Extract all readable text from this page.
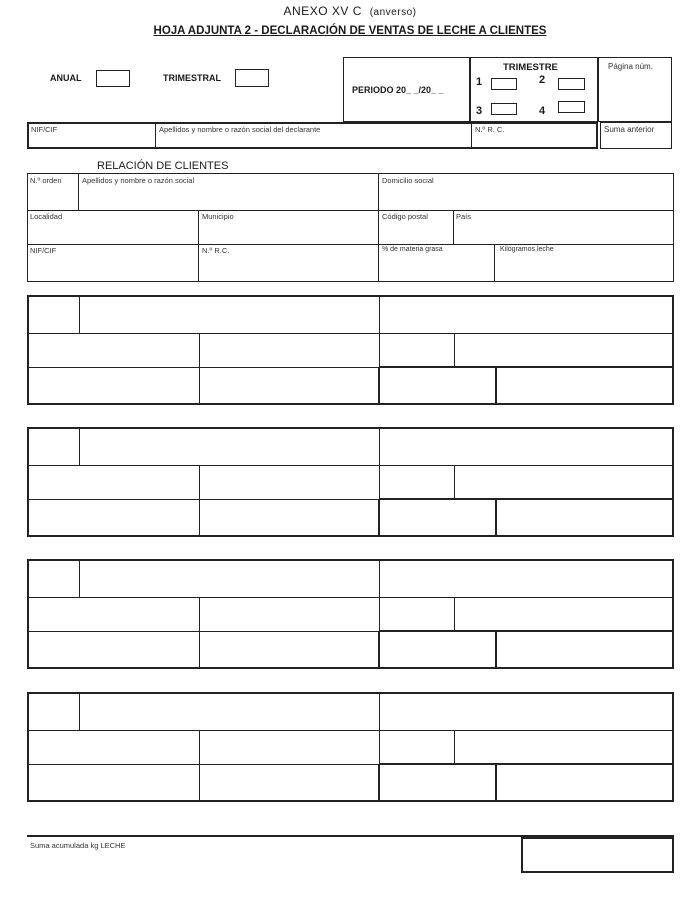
ANEXO XV C (anverso)
HOJA ADJUNTA 2 - DECLARACIÓN DE VENTAS DE LECHE A CLIENTES
ANUAL	TRIMESTRAL
PERIODO 20_ _/20_ _
TRIMESTRE
1	2
3	4
Página núm.
NIF/CIF	Apellidos y nombre o razón social del declarante	N.º R. C.	Suma anterior
RELACIÓN DE CLIENTES
N.º orden	Apellidos y nombre o razón social	Domicilio social
Localidad	Municipio	Código postal	País
NIF/CIF	N.º R.C.	% de materia grasa	Kilogramos leche
Suma acumulada kg LECHE
